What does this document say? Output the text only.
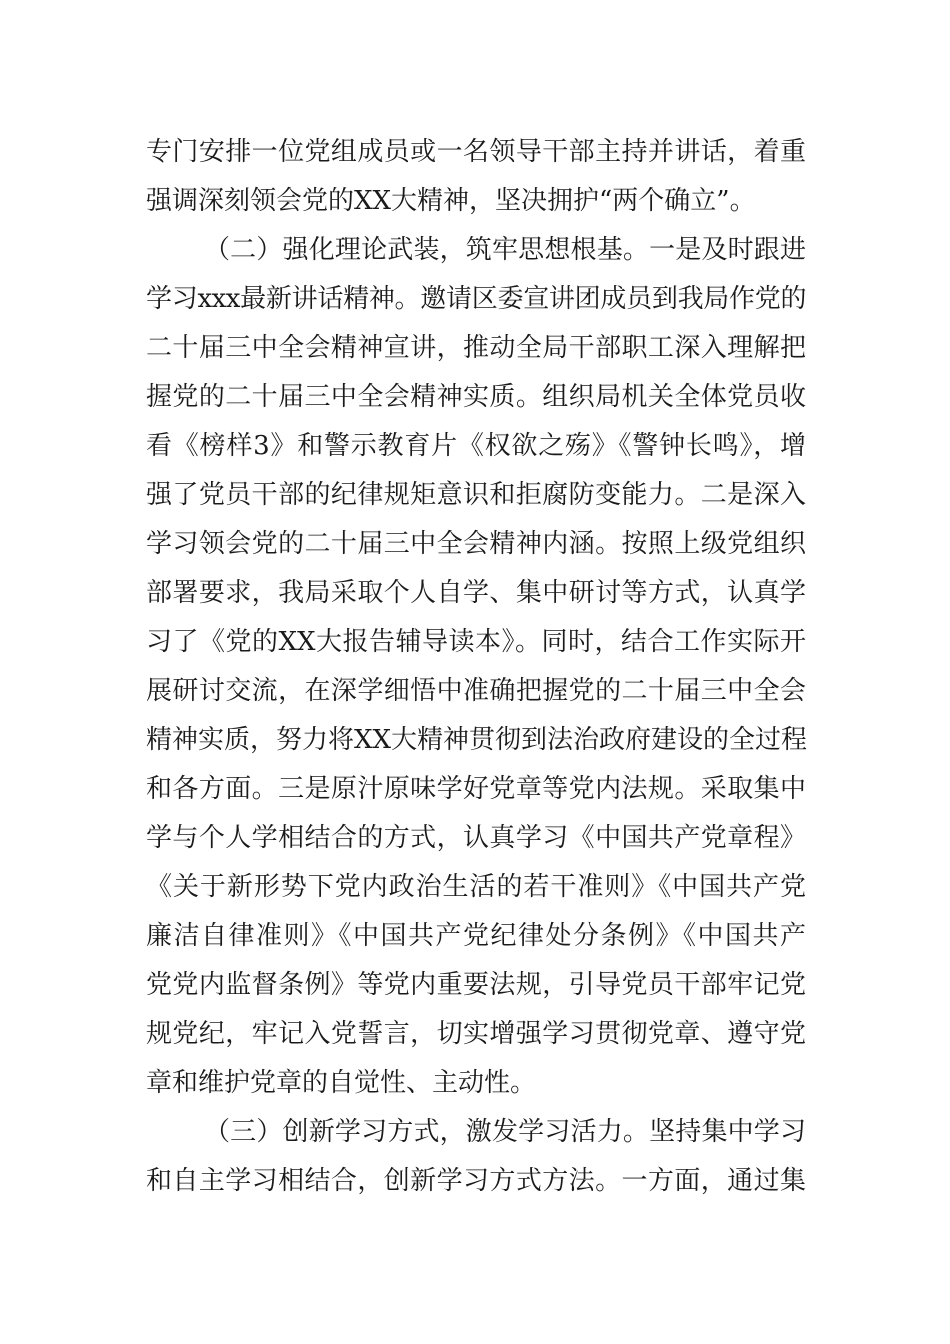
专门安排一位党组成员或一名领导干部主持并讲话，着重
强调深刻领会党的XX大精神，坚决拥护“两个确立”。
（二）强化理论武装，筑牢思想根基。一是及时跟进
学习xxx最新讲话精神。邀请区委宣讲团成员到我局作党的
二十届三中全会精神宣讲，推动全局干部职工深入理解把
握党的二十届三中全会精神实质。组织局机关全体党员收
看《榜样3》和警示教育片《权欲之殇》《警钟长鸣》，增
强了党员干部的纪律规矩意识和拒腐防变能力。二是深入
学习领会党的二十届三中全会精神内涵。按照上级党组织
部署要求，我局采取个人自学、集中研讨等方式，认真学
习了《党的XX大报告辅导读本》。同时，结合工作实际开
展研讨交流，在深学细悟中准确把握党的二十届三中全会
精神实质，努力将XX大精神贯彻到法治政府建设的全过程
和各方面。三是原汁原味学好党章等党内法规。采取集中
学与个人学相结合的方式，认真学习《中国共产党章程》
《关于新形势下党内政治生活的若干准则》《中国共产党
廉洁自律准则》《中国共产党纪律处分条例》《中国共产
党党内监督条例》等党内重要法规，引导党员干部牢记党
规党纪，牢记入党誓言，切实增强学习贯彻党章、遵守党
章和维护党章的自觉性、主动性。
（三）创新学习方式，激发学习活力。坚持集中学习
和自主学习相结合，创新学习方式方法。一方面，通过集
